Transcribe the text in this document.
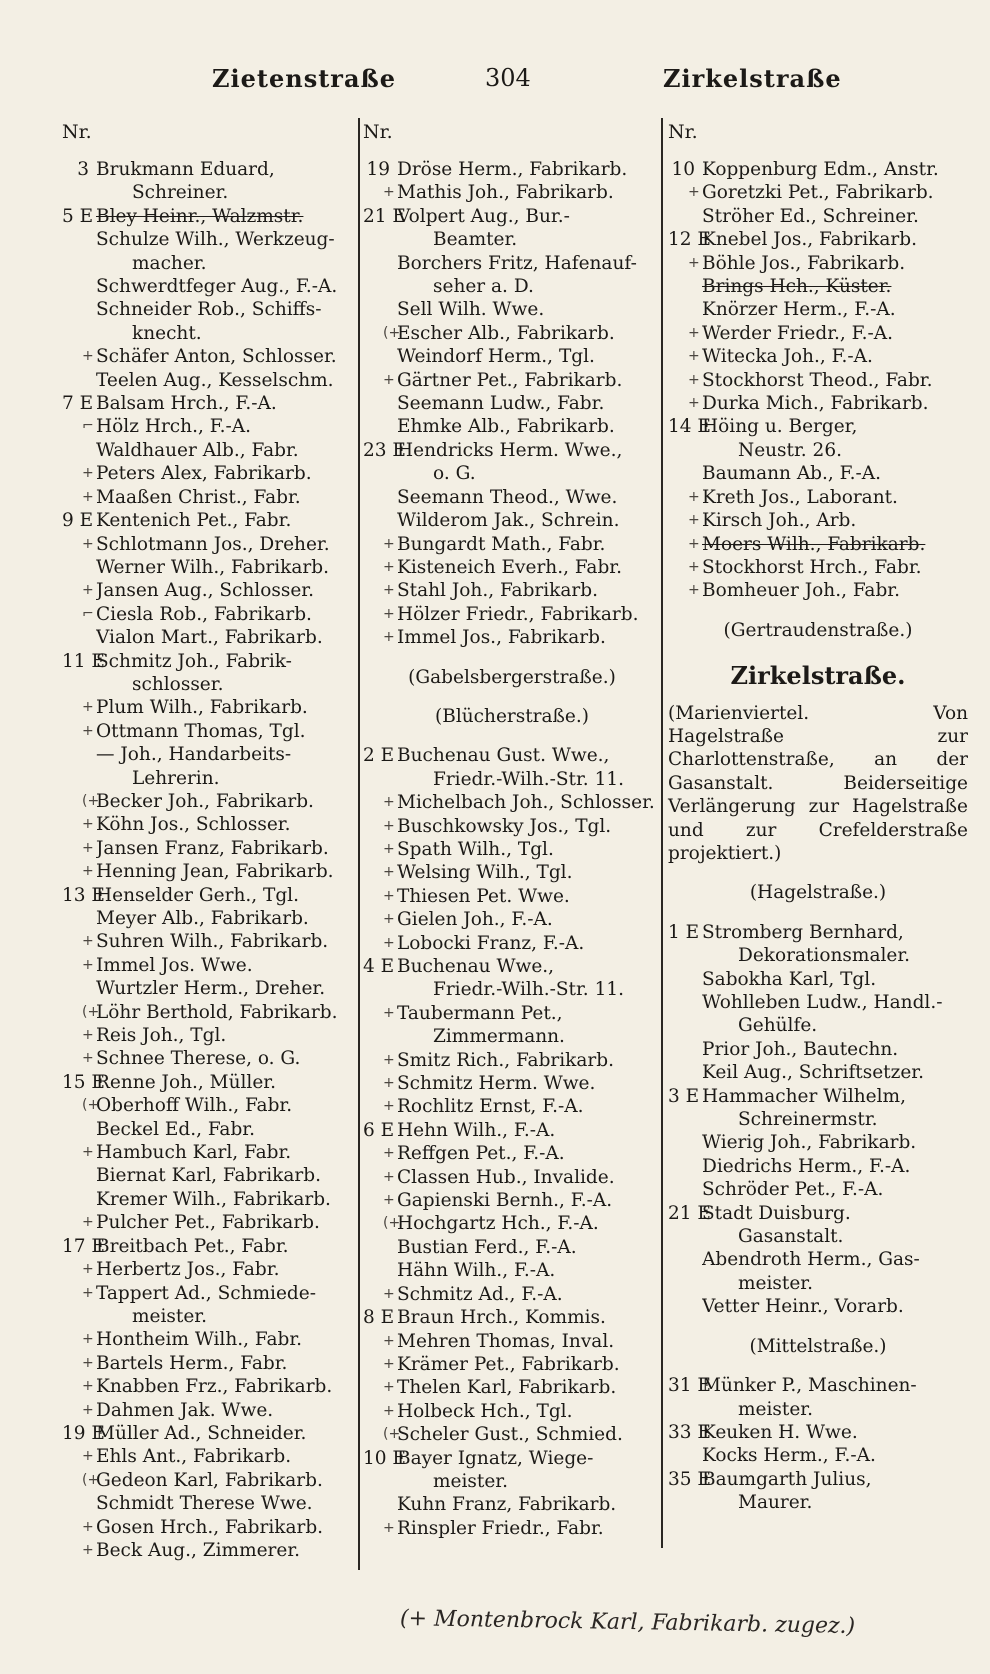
Zietenstraße	304	Zirkelstraße
Nr.
3 Brukmann Eduard,
Schreiner.
5 E Bley Heinr., Walzmstr.
Schulze Wilh., Werkzeug-
macher.
Schwerdtfeger Aug., F.-A.
Schneider Rob., Schiffs-
knecht.
+ Schäfer Anton, Schlosser.
Teelen Aug., Kesselschm.
7 E Balsam Hrch., F.-A.
⌐ Hölz Hrch., F.-A.
Waldhauer Alb., Fabr.
+ Peters Alex, Fabrikarb.
+ Maaßen Christ., Fabr.
9 E Kentenich Pet., Fabr.
+ Schlotmann Jos., Dreher.
Werner Wilh., Fabrikarb.
+ Jansen Aug., Schlosser.
⌐ Ciesla Rob., Fabrikarb.
Vialon Mart., Fabrikarb.
11 E
Schmitz Joh., Fabrik-
schlosser.
+ Plum Wilh., Fabrikarb.
+ Ottmann Thomas, Tgl.
— Joh., Handarbeits-
Lehrerin.
(+
Becker Joh., Fabrikarb.
+ Köhn Jos., Schlosser.
+ Jansen Franz, Fabrikarb.
+ Henning Jean, Fabrikarb.
13 E
Henselder Gerh., Tgl.
Meyer Alb., Fabrikarb.
+ Suhren Wilh., Fabrikarb.
+ Immel Jos. Wwe.
Wurtzler Herm., Dreher.
(+
Löhr Berthold, Fabrikarb.
+ Reis Joh., Tgl.
+ Schnee Therese, o. G.
15 E
Renne Joh., Müller.
(+
Oberhoff Wilh., Fabr.
Beckel Ed., Fabr.
+ Hambuch Karl, Fabr.
Biernat Karl, Fabrikarb.
Kremer Wilh., Fabrikarb.
+ Pulcher Pet., Fabrikarb.
17 E
Breitbach Pet., Fabr.
+ Herbertz Jos., Fabr.
+ Tappert Ad., Schmiede-
meister.
+ Hontheim Wilh., Fabr.
+ Bartels Herm., Fabr.
+ Knabben Frz., Fabrikarb.
+ Dahmen Jak. Wwe.
19 E
Müller Ad., Schneider.
+ Ehls Ant., Fabrikarb.
(+
Gedeon Karl, Fabrikarb.
Schmidt Therese Wwe.
+ Gosen Hrch., Fabrikarb.
+ Beck Aug., Zimmerer.
Nr.
19 Dröse Herm., Fabrikarb.
+ Mathis Joh., Fabrikarb.
21 E
Volpert Aug., Bur.-
Beamter.
Borchers Fritz, Hafenauf-
seher a. D.
Sell Wilh. Wwe.
(+
Escher Alb., Fabrikarb.
Weindorf Herm., Tgl.
+ Gärtner Pet., Fabrikarb.
Seemann Ludw., Fabr.
Ehmke Alb., Fabrikarb.
23 E
Hendricks Herm. Wwe.,
o. G.
Seemann Theod., Wwe.
Wilderom Jak., Schrein.
+ Bungardt Math., Fabr.
+ Kisteneich Everh., Fabr.
+ Stahl Joh., Fabrikarb.
+ Hölzer Friedr., Fabrikarb.
+ Immel Jos., Fabrikarb.
(Gabelsbergerstraße.)
(Blücherstraße.)
2 E Buchenau Gust. Wwe.,
Friedr.-Wilh.-Str. 11.
+ Michelbach Joh., Schlosser.
+ Buschkowsky Jos., Tgl.
+ Spath Wilh., Tgl.
+ Welsing Wilh., Tgl.
+ Thiesen Pet. Wwe.
+ Gielen Joh., F.-A.
+ Lobocki Franz, F.-A.
4 E Buchenau Wwe.,
Friedr.-Wilh.-Str. 11.
+ Taubermann Pet.,
Zimmermann.
+ Smitz Rich., Fabrikarb.
+ Schmitz Herm. Wwe.
+ Rochlitz Ernst, F.-A.
6 E Hehn Wilh., F.-A.
+ Reffgen Pet., F.-A.
+ Classen Hub., Invalide.
+ Gapienski Bernh., F.-A.
(+
Hochgartz Hch., F.-A.
Bustian Ferd., F.-A.
Hähn Wilh., F.-A.
+ Schmitz Ad., F.-A.
8 E Braun Hrch., Kommis.
+ Mehren Thomas, Inval.
+ Krämer Pet., Fabrikarb.
+ Thelen Karl, Fabrikarb.
+ Holbeck Hch., Tgl.
(+
Scheler Gust., Schmied.
10 E
Bayer Ignatz, Wiege-
meister.
Kuhn Franz, Fabrikarb.
+ Rinspler Friedr., Fabr.
Nr.
10 Koppenburg Edm., Anstr.
+ Goretzki Pet., Fabrikarb.
Ströher Ed., Schreiner.
12 E
Knebel Jos., Fabrikarb.
+ Böhle Jos., Fabrikarb.
Brings Hch., Küster.
Knörzer Herm., F.-A.
+ Werder Friedr., F.-A.
+ Witecka Joh., F.-A.
+ Stockhorst Theod., Fabr.
+ Durka Mich., Fabrikarb.
14 E
Höing u. Berger,
Neustr. 26.
Baumann Ab., F.-A.
+ Kreth Jos., Laborant.
+ Kirsch Joh., Arb.
+ Moers Wilh., Fabrikarb.
+ Stockhorst Hrch., Fabr.
+ Bomheuer Joh., Fabr.
(Gertraudenstraße.)
Zirkelstraße.
(Marienviertel. Von Hagelstraße zur Charlottenstraße, an der Gasanstalt. Beiderseitige Verlängerung zur Hagelstraße und zur Crefelderstraße projektiert.)
(Hagelstraße.)
1 E Stromberg Bernhard,
Dekorationsmaler.
Sabokha Karl, Tgl.
Wohlleben Ludw., Handl.-
Gehülfe.
Prior Joh., Bautechn.
Keil Aug., Schriftsetzer.
3 E Hammacher Wilhelm,
Schreinermstr.
Wierig Joh., Fabrikarb.
Diedrichs Herm., F.-A.
Schröder Pet., F.-A.
21 E
Stadt Duisburg.
Gasanstalt.
Abendroth Herm., Gas-
meister.
Vetter Heinr., Vorarb.
(Mittelstraße.)
31 E
Münker P., Maschinen-
meister.
33 E
Keuken H. Wwe.
Kocks Herm., F.-A.
35 E
Baumgarth Julius,
Maurer.
(+ Montenbrock Karl, Fabrikarb. zugez.)
